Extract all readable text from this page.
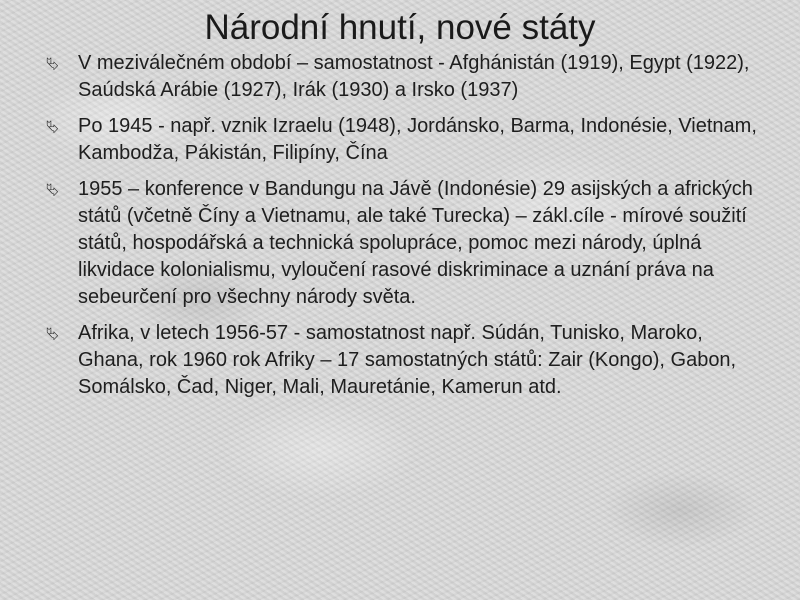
Národní hnutí, nové státy
⮱ V meziválečném období – samostatnost - Afghánistán (1919), Egypt (1922), Saúdská Arábie (1927), Irák (1930) a Irsko (1937)
⮱ Po 1945 - např. vznik Izraelu (1948), Jordánsko, Barma, Indonésie, Vietnam, Kambodža, Pákistán, Filipíny, Čína
⮱ 1955 – konference v Bandungu na Jávě (Indonésie) 29 asijských a afrických států (včetně Číny a Vietnamu, ale také Turecka) – zákl.cíle - mírové soužití států, hospodářská a technická spolupráce, pomoc mezi národy, úplná likvidace kolonialismu, vyloučení rasové diskriminace a uznání práva na sebeurčení pro všechny národy světa.
⮱ Afrika, v letech 1956-57 - samostatnost např. Súdán, Tunisko, Maroko, Ghana, rok 1960 rok Afriky – 17 samostatných států: Zair (Kongo), Gabon, Somálsko, Čad, Niger, Mali, Mauretánie, Kamerun atd.
